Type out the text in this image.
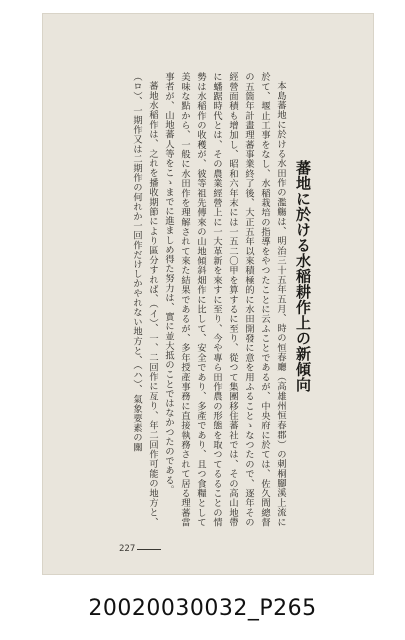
蕃地に於ける水稲耕作上の新傾向

本島蕃地に於ける水田作の濫觴は、明治三十五年五月、時の恒春廳（高雄州恒春郡）の刺桐腳溪上流に於て、堰止工事をなし、水稲栽培の指導をやつたことに云ふことであるが、中央府に於ては、佐久間總督の五箇年計畫理蕃事業終了後、大正五年以來積極的に水田開發に意を用ふることゝなつたので、逐年その經營面積も增加し、昭和六年末には一五二〇甲を算するに至り、從つて集團移住蕃社では、その高山地帶に蟠踞時代とは、その農業經營上に一大革新を來すに至り、今や專ら田作農の形態を取つてるることの情勢は水稲作の收穫が、彼等祖先傳來の山地傾斜畑作に比して、安全であり、多產であり、且つ食糧として美味な點から、一般に水田作を理解されて來た結果であるが、多年授產事務に直接執務されて居る理蕃當事者が、山地蕃人等をこゝまでに進ましめ得た努力は、實に並大抵のことではなかつたのである。

蕃地水稲作は、之れを播收期節により區分すれば、（イ）、一、二回作に亙り、年二回作可能の地方と、（ロ）、一期作又は二期作の何れか一回作だけしかやれない地方と、（ハ）、氣象要素の關

227
20020030032_P265
